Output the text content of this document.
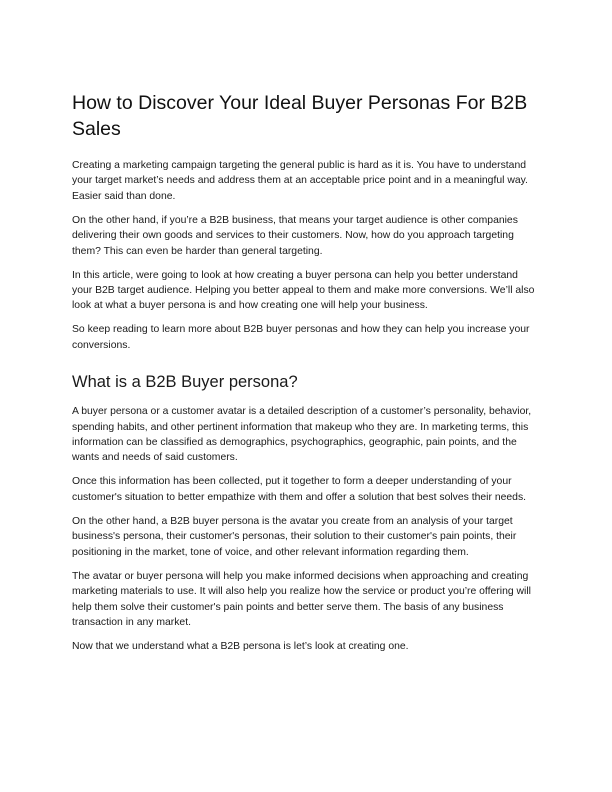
How to Discover Your Ideal Buyer Personas For B2B Sales

Creating a marketing campaign targeting the general public is hard as it is. You have to understand your target market’s needs and address them at an acceptable price point and in a meaningful way. Easier said than done.

On the other hand, if you’re a B2B business, that means your target audience is other companies delivering their own goods and services to their customers. Now, how do you approach targeting them? This can even be harder than general targeting.

In this article, were going to look at how creating a buyer persona can help you better understand your B2B target audience. Helping you better appeal to them and make more conversions. We’ll also look at what a buyer persona is and how creating one will help your business.

So keep reading to learn more about B2B buyer personas and how they can help you increase your conversions.

What is a B2B Buyer persona?

A buyer persona or a customer avatar is a detailed description of a customer’s personality, behavior, spending habits, and other pertinent information that makeup who they are. In marketing terms, this information can be classified as demographics, psychographics, geographic, pain points, and the wants and needs of said customers.

Once this information has been collected, put it together to form a deeper understanding of your customer's situation to better empathize with them and offer a solution that best solves their needs.

On the other hand, a B2B buyer persona is the avatar you create from an analysis of your target business's persona, their customer's personas, their solution to their customer's pain points, their positioning in the market, tone of voice, and other relevant information regarding them.

The avatar or buyer persona will help you make informed decisions when approaching and creating marketing materials to use. It will also help you realize how the service or product you’re offering will help them solve their customer's pain points and better serve them. The basis of any business transaction in any market.

Now that we understand what a B2B persona is let’s look at creating one.
